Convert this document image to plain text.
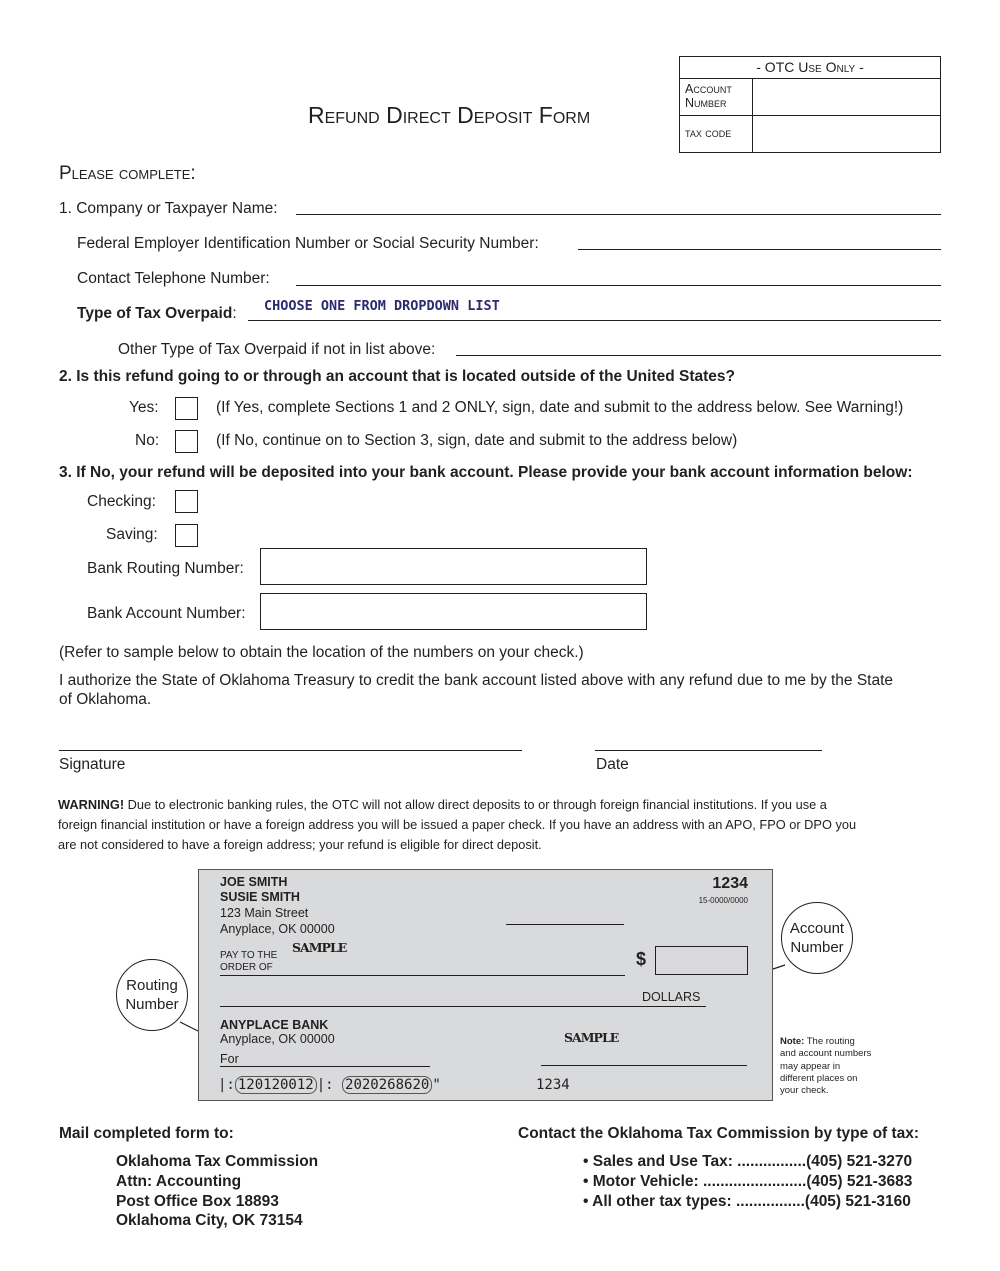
- OTC Use Only -
Account Number
tax code
Refund Direct Deposit Form
Please complete:
1. Company or Taxpayer Name:
Federal Employer Identification Number or Social Security Number:
Contact Telephone Number:
Type of Tax Overpaid: CHOOSE ONE FROM DROPDOWN LIST
Other Type of Tax Overpaid if not in list above:
2. Is this refund going to or through an account that is located outside of the United States?
Yes:	(If Yes, complete Sections 1 and 2 ONLY, sign, date and submit to the address below. See Warning!)
No:	(If No, continue on to Section 3, sign, date and submit to the address below)
3. If No, your refund will be deposited into your bank account. Please provide your bank account information below:
Checking:
Saving:
Bank Routing Number:
Bank Account Number:
(Refer to sample below to obtain the location of the numbers on your check.)
I authorize the State of Oklahoma Treasury to credit the bank account listed above with any refund due to me by the State
of Oklahoma.
Signature	Date
WARNING! Due to electronic banking rules, the OTC will not allow direct deposits to or through foreign financial institutions. If you use a
foreign financial institution or have a foreign address you will be issued a paper check. If you have an address with an APO, FPO or DPO you
are not considered to have a foreign address; your refund is eligible for direct deposit.
JOE SMITH
SUSIE SMITH
123 Main Street
Anyplace, OK 00000
1234
15-0000/0000
PAY TO THE
ORDER OF
SAMPLE
$
DOLLARS
ANYPLACE BANK
Anyplace, OK 00000
For
SAMPLE
|: 120120012 |: 2020268620 "	1234
Routing
Number
Account
Number
Note: The routing
and account numbers
may appear in
different places on
your check.
Mail completed form to:
Oklahoma Tax Commission
Attn: Accounting
Post Office Box 18893
Oklahoma City, OK 73154
Contact the Oklahoma Tax Commission by type of tax:
• Sales and Use Tax: ................(405) 521-3270
• Motor Vehicle: ........................(405) 521-3683
• All other tax types: ................(405) 521-3160
